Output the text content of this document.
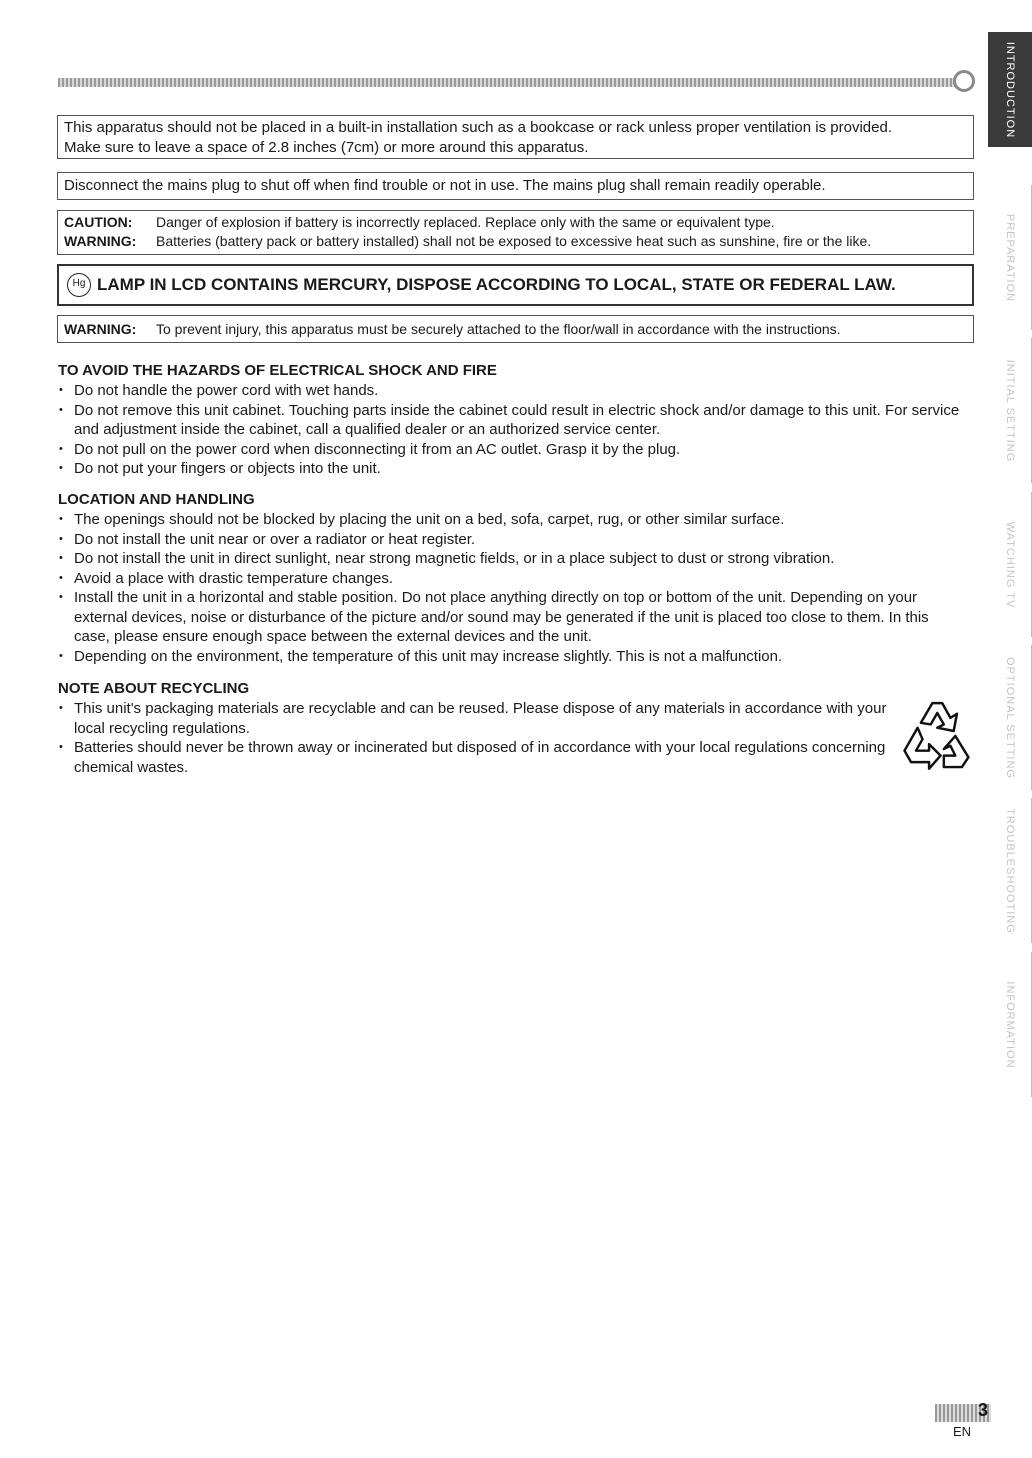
This apparatus should not be placed in a built-in installation such as a bookcase or rack unless proper ventilation is provided.
Make sure to leave a space of 2.8 inches (7cm) or more around this apparatus.
Disconnect the mains plug to shut off when find trouble or not in use. The mains plug shall remain readily operable.
CAUTION: Danger of explosion if battery is incorrectly replaced. Replace only with the same or equivalent type.
WARNING: Batteries (battery pack or battery installed) shall not be exposed to excessive heat such as sunshine, fire or the like.
Hg LAMP IN LCD CONTAINS MERCURY, DISPOSE ACCORDING TO LOCAL, STATE OR FEDERAL LAW.
WARNING: To prevent injury, this apparatus must be securely attached to the floor/wall in accordance with the instructions.
TO AVOID THE HAZARDS OF ELECTRICAL SHOCK AND FIRE
• Do not handle the power cord with wet hands.
• Do not remove this unit cabinet. Touching parts inside the cabinet could result in electric shock and/or damage to this unit. For service and adjustment inside the cabinet, call a qualified dealer or an authorized service center.
• Do not pull on the power cord when disconnecting it from an AC outlet. Grasp it by the plug.
• Do not put your fingers or objects into the unit.
LOCATION AND HANDLING
• The openings should not be blocked by placing the unit on a bed, sofa, carpet, rug, or other similar surface.
• Do not install the unit near or over a radiator or heat register.
• Do not install the unit in direct sunlight, near strong magnetic fields, or in a place subject to dust or strong vibration.
• Avoid a place with drastic temperature changes.
• Install the unit in a horizontal and stable position. Do not place anything directly on top or bottom of the unit. Depending on your external devices, noise or disturbance of the picture and/or sound may be generated if the unit is placed too close to them. In this case, please ensure enough space between the external devices and the unit.
• Depending on the environment, the temperature of this unit may increase slightly. This is not a malfunction.
NOTE ABOUT RECYCLING
• This unit's packaging materials are recyclable and can be reused. Please dispose of any materials in accordance with your local recycling regulations.
• Batteries should never be thrown away or incinerated but disposed of in accordance with your local regulations concerning chemical wastes.
INTRODUCTION
PREPARATION
INITIAL SETTING
WATCHING TV
OPTIONAL SETTING
TROUBLESHOOTING
INFORMATION
3
EN
